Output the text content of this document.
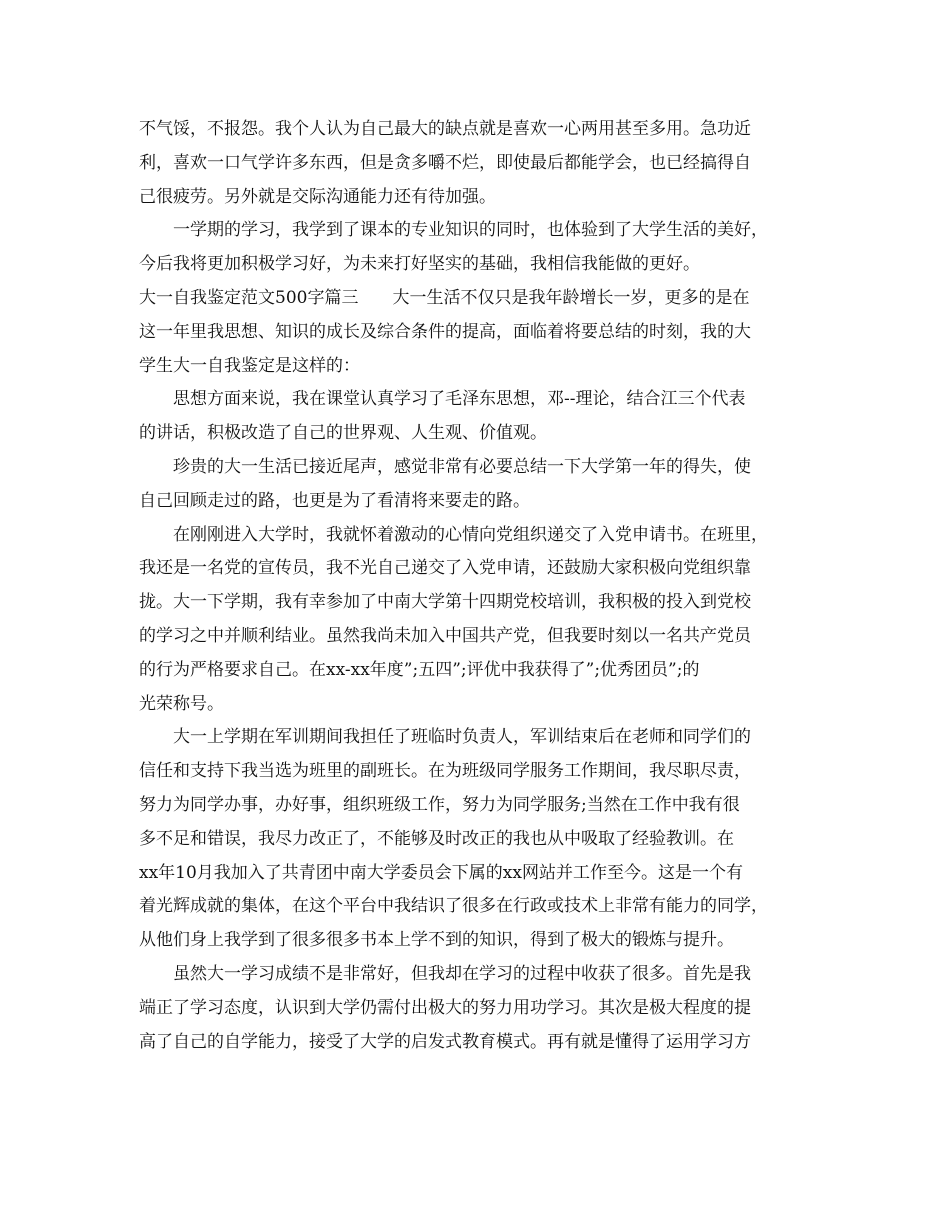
不气馁，不报怨。我个人认为自己最大的缺点就是喜欢一心两用甚至多用。急功近
利，喜欢一口气学许多东西，但是贪多嚼不烂，即使最后都能学会，也已经搞得自
己很疲劳。另外就是交际沟通能力还有待加强。
一学期的学习，我学到了课本的专业知识的同时，也体验到了大学生活的美好，
今后我将更加积极学习好，为未来打好坚实的基础，我相信我能做的更好。
大一自我鉴定范文500字篇三　　大一生活不仅只是我年龄增长一岁，更多的是在
这一年里我思想、知识的成长及综合条件的提高，面临着将要总结的时刻，我的大
学生大一自我鉴定是这样的：
思想方面来说，我在课堂认真学习了毛泽东思想，邓--理论，结合江三个代表
的讲话，积极改造了自己的世界观、人生观、价值观。
珍贵的大一生活已接近尾声，感觉非常有必要总结一下大学第一年的得失，使
自己回顾走过的路，也更是为了看清将来要走的路。
在刚刚进入大学时，我就怀着激动的心情向党组织递交了入党申请书。在班里，
我还是一名党的宣传员，我不光自己递交了入党申请，还鼓励大家积极向党组织靠
拢。大一下学期，我有幸参加了中南大学第十四期党校培训，我积极的投入到党校
的学习之中并顺利结业。虽然我尚未加入中国共产党，但我要时刻以一名共产党员
的行为严格要求自己。在xx-xx年度”;五四”;评优中我获得了”;优秀团员”;的
光荣称号。
大一上学期在军训期间我担任了班临时负责人，军训结束后在老师和同学们的
信任和支持下我当选为班里的副班长。在为班级同学服务工作期间，我尽职尽责，
努力为同学办事，办好事，组织班级工作，努力为同学服务;当然在工作中我有很
多不足和错误，我尽力改正了，不能够及时改正的我也从中吸取了经验教训。在
xx年10月我加入了共青团中南大学委员会下属的xx网站并工作至今。这是一个有
着光辉成就的集体，在这个平台中我结识了很多在行政或技术上非常有能力的同学，
从他们身上我学到了很多很多书本上学不到的知识，得到了极大的锻炼与提升。
虽然大一学习成绩不是非常好，但我却在学习的过程中收获了很多。首先是我
端正了学习态度，认识到大学仍需付出极大的努力用功学习。其次是极大程度的提
高了自己的自学能力，接受了大学的启发式教育模式。再有就是懂得了运用学习方
